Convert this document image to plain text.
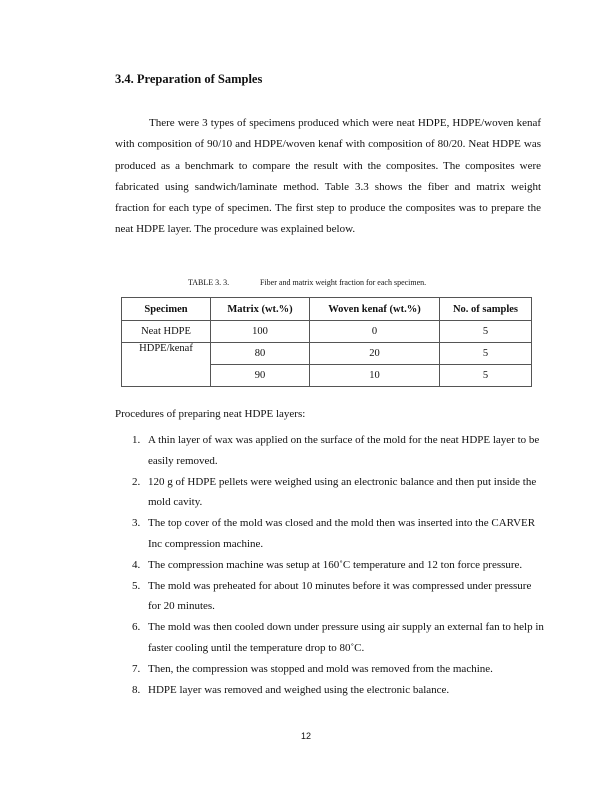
3.4. Preparation of Samples

There were 3 types of specimens produced which were neat HDPE, HDPE/woven kenaf with composition of 90/10 and HDPE/woven kenaf with composition of 80/20. Neat HDPE was produced as a benchmark to compare the result with the composites. The composites were fabricated using sandwich/laminate method. Table 3.3 shows the fiber and matrix weight fraction for each type of specimen. The first step to produce the composites was to prepare the neat HDPE layer. The procedure was explained below.

TABLE 3. 3.	Fiber and matrix weight fraction for each specimen.

Specimen	Matrix (wt.%)	Woven kenaf (wt.%)	No. of samples
Neat HDPE	100	0	5
HDPE/kenaf	80	20	5
	90	10	5

Procedures of preparing neat HDPE layers:

1. A thin layer of wax was applied on the surface of the mold for the neat HDPE layer to be easily removed.
2. 120 g of HDPE pellets were weighed using an electronic balance and then put inside the mold cavity.
3. The top cover of the mold was closed and the mold then was inserted into the CARVER Inc compression machine.
4. The compression machine was setup at 160˚C temperature and 12 ton force pressure.
5. The mold was preheated for about 10 minutes before it was compressed under pressure for 20 minutes.
6. The mold was then cooled down under pressure using air supply an external fan to help in faster cooling until the temperature drop to 80˚C.
7. Then, the compression was stopped and mold was removed from the machine.
8. HDPE layer was removed and weighed using the electronic balance.

12
